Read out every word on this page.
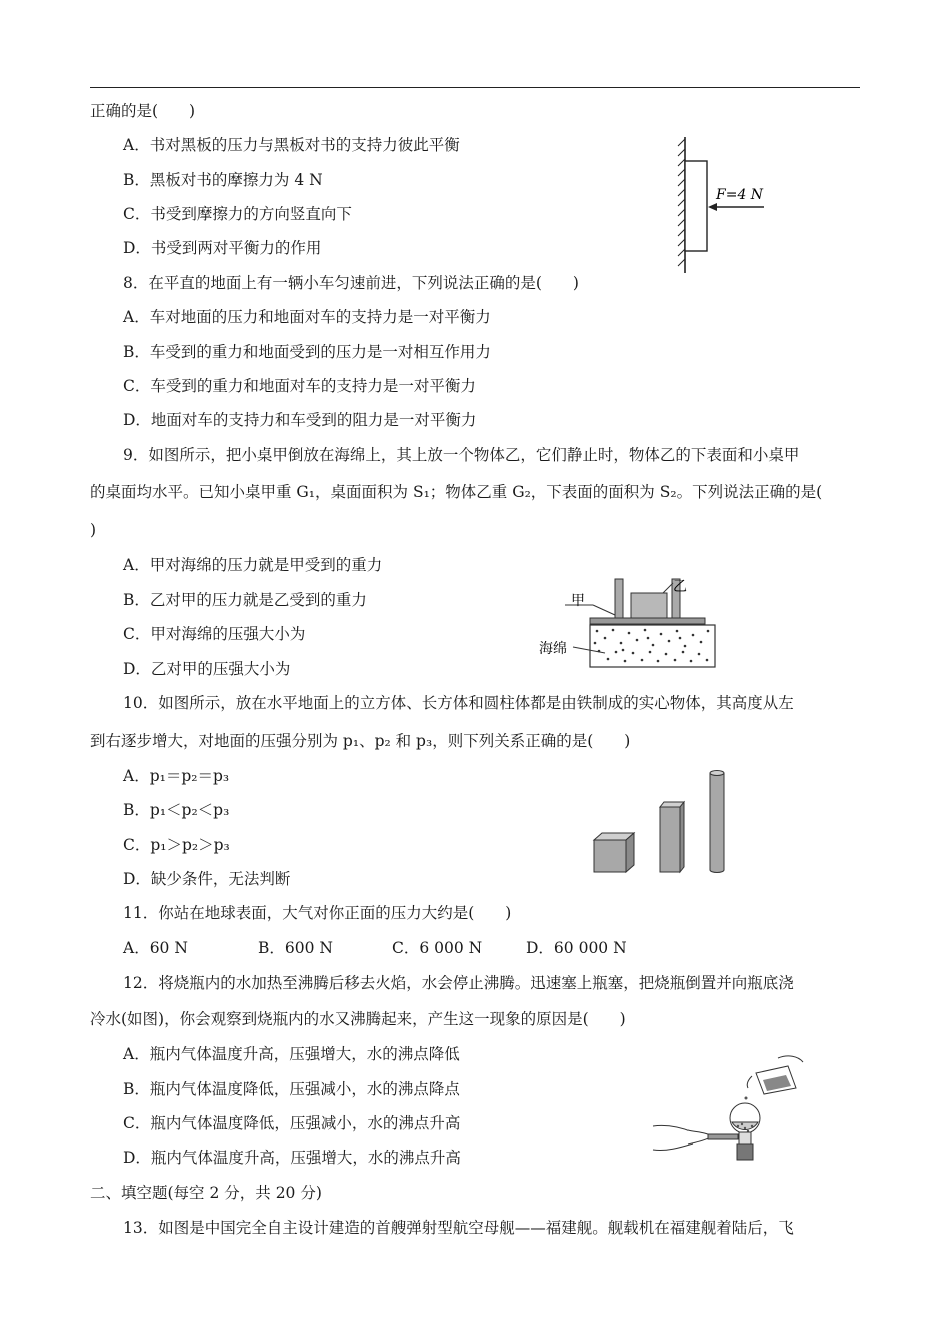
正确的是(　　)
A．书对黑板的压力与黑板对书的支持力彼此平衡
B．黑板对书的摩擦力为 4 N
C．书受到摩擦力的方向竖直向下
D．书受到两对平衡力的作用
8．在平直的地面上有一辆小车匀速前进，下列说法正确的是(　　)
A．车对地面的压力和地面对车的支持力是一对平衡力
B．车受到的重力和地面受到的压力是一对相互作用力
C．车受到的重力和地面对车的支持力是一对平衡力
D．地面对车的支持力和车受到的阻力是一对平衡力
9．如图所示，把小桌甲倒放在海绵上，其上放一个物体乙，它们静止时，物体乙的下表面和小桌甲
的桌面均水平。已知小桌甲重 G₁，桌面面积为 S₁；物体乙重 G₂，下表面的面积为 S₂。下列说法正确的是(
)
A．甲对海绵的压力就是甲受到的重力
B．乙对甲的压力就是乙受到的重力
C．甲对海绵的压强大小为
D．乙对甲的压强大小为
10．如图所示，放在水平地面上的立方体、长方体和圆柱体都是由铁制成的实心物体，其高度从左
到右逐步增大，对地面的压强分别为 p₁、p₂ 和 p₃，则下列关系正确的是(　　)
A．p₁＝p₂＝p₃
B．p₁＜p₂＜p₃
C．p₁＞p₂＞p₃
D．缺少条件，无法判断
11．你站在地球表面，大气对你正面的压力大约是(　　)
A．60 N	B．600 N	C．6 000 N	D．60 000 N
12．将烧瓶内的水加热至沸腾后移去火焰，水会停止沸腾。迅速塞上瓶塞，把烧瓶倒置并向瓶底浇
冷水(如图)，你会观察到烧瓶内的水又沸腾起来，产生这一现象的原因是(　　)
A．瓶内气体温度升高，压强增大，水的沸点降低
B．瓶内气体温度降低，压强减小，水的沸点降点
C．瓶内气体温度降低，压强减小，水的沸点升高
D．瓶内气体温度升高，压强增大，水的沸点升高
二、填空题(每空 2 分，共 20 分)
13．如图是中国完全自主设计建造的首艘弹射型航空母舰——福建舰。舰载机在福建舰着陆后，飞
F=4 N
甲
乙
海绵
